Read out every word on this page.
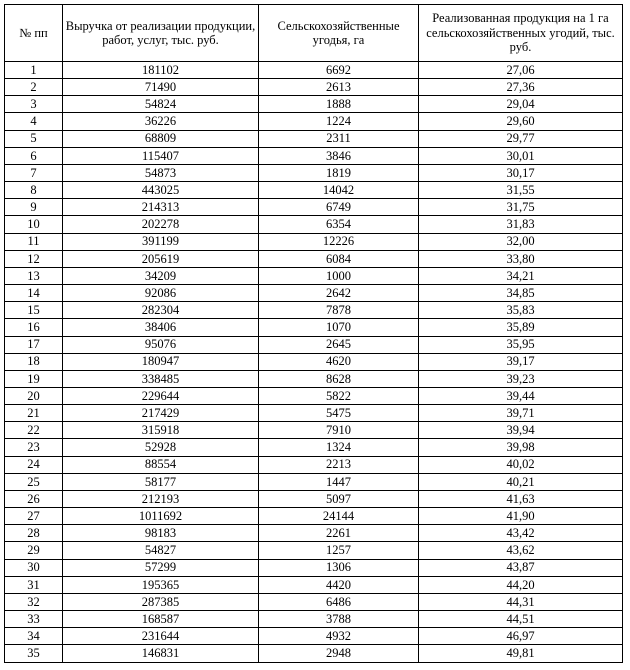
№ пп	Выручка от реализации продукции, работ, услуг, тыс. руб.	Сельскохозяйственные угодья, га	Реализованная продукция на 1 га сельскохозяйственных угодий, тыс. руб.
1	181102	6692	27,06
2	71490	2613	27,36
3	54824	1888	29,04
4	36226	1224	29,60
5	68809	2311	29,77
6	115407	3846	30,01
7	54873	1819	30,17
8	443025	14042	31,55
9	214313	6749	31,75
10	202278	6354	31,83
11	391199	12226	32,00
12	205619	6084	33,80
13	34209	1000	34,21
14	92086	2642	34,85
15	282304	7878	35,83
16	38406	1070	35,89
17	95076	2645	35,95
18	180947	4620	39,17
19	338485	8628	39,23
20	229644	5822	39,44
21	217429	5475	39,71
22	315918	7910	39,94
23	52928	1324	39,98
24	88554	2213	40,02
25	58177	1447	40,21
26	212193	5097	41,63
27	1011692	24144	41,90
28	98183	2261	43,42
29	54827	1257	43,62
30	57299	1306	43,87
31	195365	4420	44,20
32	287385	6486	44,31
33	168587	3788	44,51
34	231644	4932	46,97
35	146831	2948	49,81
